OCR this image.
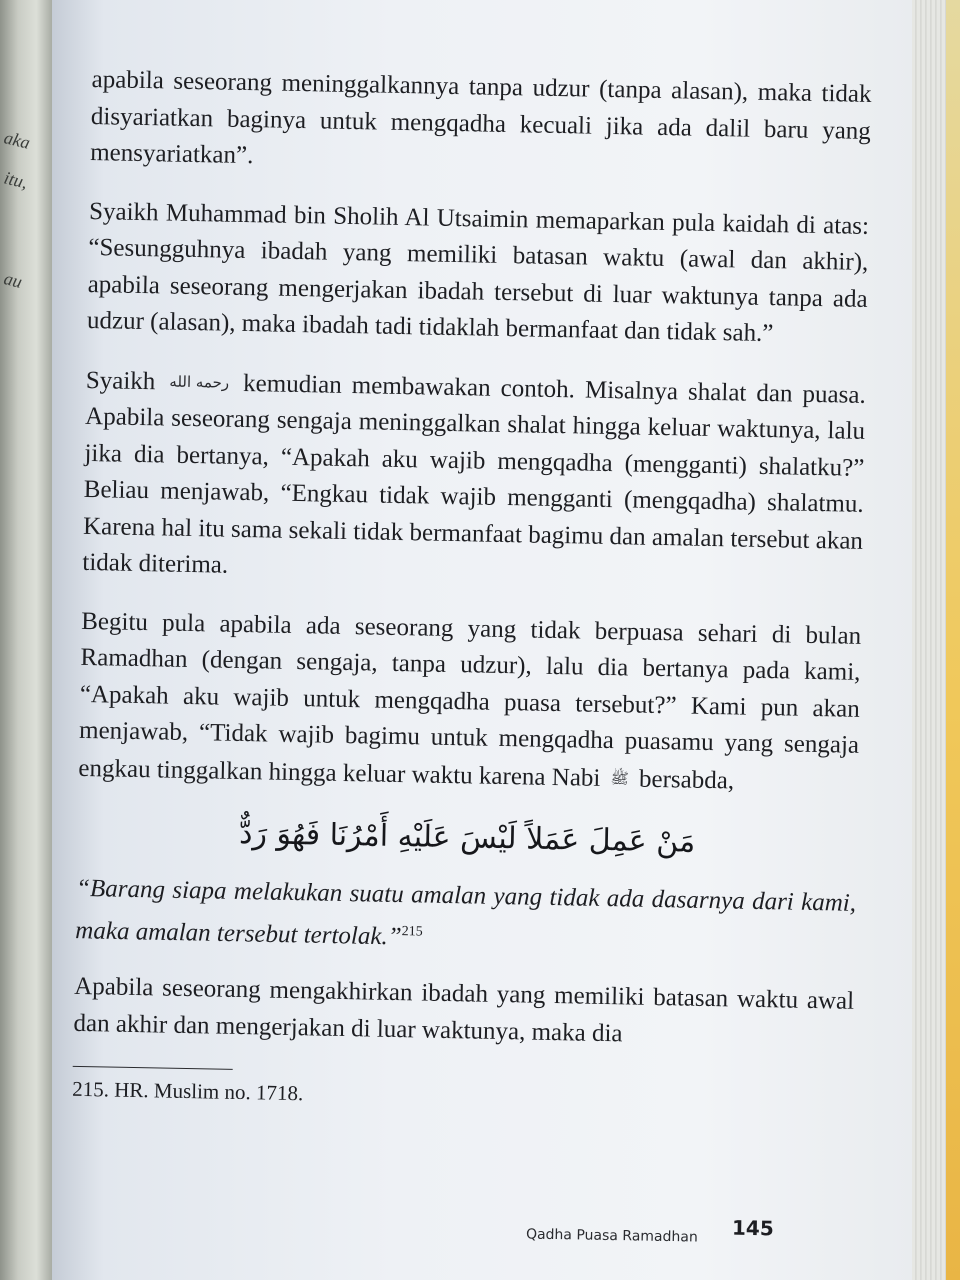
aka
itu,
au

apabila seseorang meninggalkannya tanpa udzur (tanpa alasan), maka tidak disyariatkan baginya untuk mengqadha kecuali jika ada dalil baru yang mensyariatkan”.

Syaikh Muhammad bin Sholih Al Utsaimin memaparkan pula kaidah di atas: “Sesungguhnya ibadah yang memiliki batasan waktu (awal dan akhir), apabila seseorang mengerjakan ibadah tersebut di luar waktunya tanpa ada udzur (alasan), maka ibadah tadi tidaklah bermanfaat dan tidak sah.”

Syaikh رحمه الله kemudian membawakan contoh. Misalnya shalat dan puasa. Apabila seseorang sengaja meninggalkan shalat hingga keluar waktunya, lalu jika dia bertanya, “Apakah aku wajib mengqadha (mengganti) shalatku?” Beliau menjawab, “Engkau tidak wajib mengganti (mengqadha) shalatmu. Karena hal itu sama sekali tidak bermanfaat bagimu dan amalan tersebut akan tidak diterima.

Begitu pula apabila ada seseorang yang tidak berpuasa sehari di bulan Ramadhan (dengan sengaja, tanpa udzur), lalu dia bertanya pada kami, “Apakah aku wajib untuk mengqadha puasa tersebut?” Kami pun akan menjawab, “Tidak wajib bagimu untuk mengqadha puasamu yang sengaja engkau tinggalkan hingga keluar waktu karena Nabi ﷺ bersabda,

مَنْ عَمِلَ عَمَلاً لَيْسَ عَلَيْهِ أَمْرُنَا فَهُوَ رَدٌّ

“Barang siapa melakukan suatu amalan yang tidak ada dasarnya dari kami, maka amalan tersebut tertolak.”$^{215}$

Apabila seseorang mengakhirkan ibadah yang memiliki batasan waktu awal dan akhir dan mengerjakan di luar waktunya, maka dia

215. HR. Muslim no. 1718.
Qadha Puasa Ramadhan 145
